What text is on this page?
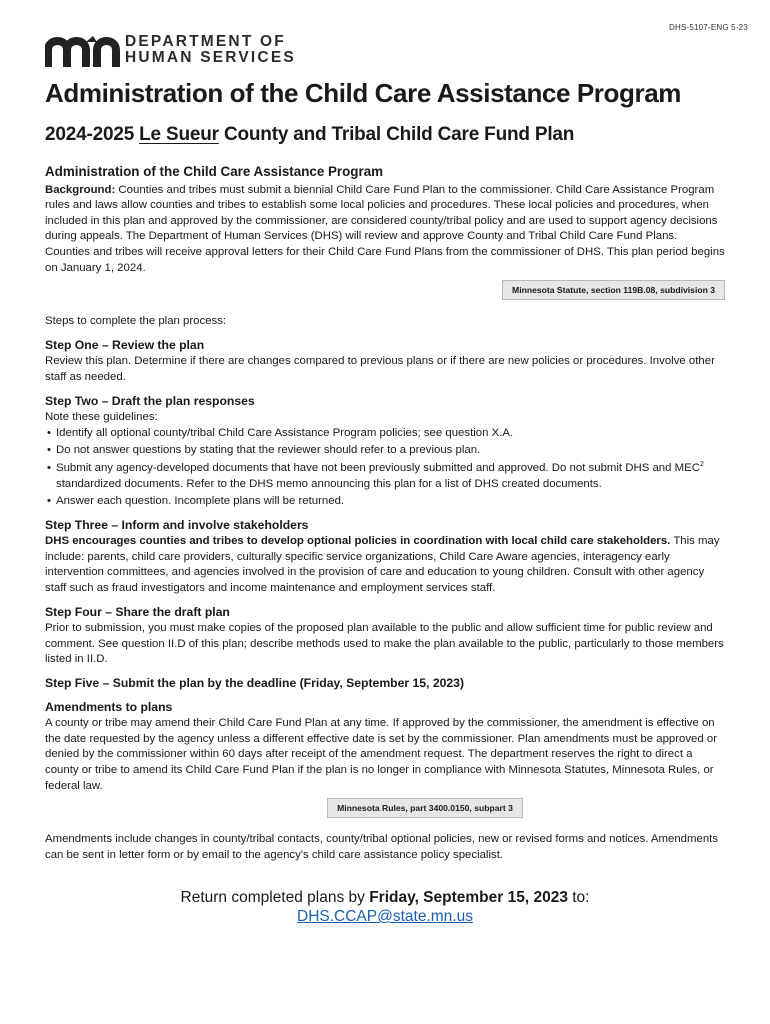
DHS-5107-ENG 5-23
DEPARTMENT OF
HUMAN SERVICES
Administration of the Child Care Assistance Program
2024-2025 Le Sueur County and Tribal Child Care Fund Plan
Administration of the Child Care Assistance Program

Background: Counties and tribes must submit a biennial Child Care Fund Plan to the commissioner. Child Care Assistance Program rules and laws allow counties and tribes to establish some local policies and procedures. These local policies and procedures, when included in this plan and approved by the commissioner, are considered county/tribal policy and are used to support agency decisions during appeals. The Department of Human Services (DHS) will review and approve County and Tribal Child Care Fund Plans. Counties and tribes will receive approval letters for their Child Care Fund Plans from the commissioner of DHS. This plan period begins on January 1, 2024.

Minnesota Statute, section 119B.08, subdivision 3

Steps to complete the plan process:

Step One – Review the plan

Review this plan. Determine if there are changes compared to previous plans or if there are new policies or procedures. Involve other staff as needed.

Step Two – Draft the plan responses

Note these guidelines:

• Identify all optional county/tribal Child Care Assistance Program policies; see question X.A.
• Do not answer questions by stating that the reviewer should refer to a previous plan.
• Submit any agency-developed documents that have not been previously submitted and approved. Do not submit DHS and MEC$^2$ standardized documents. Refer to the DHS memo announcing this plan for a list of DHS created documents.
• Answer each question. Incomplete plans will be returned.
Step Three – Inform and involve stakeholders

DHS encourages counties and tribes to develop optional policies in coordination with local child care stakeholders. This may include: parents, child care providers, culturally specific service organizations, Child Care Aware agencies, interagency early intervention committees, and agencies involved in the provision of care and education to young children. Consult with other agency staff such as fraud investigators and income maintenance and employment services staff.

Step Four – Share the draft plan

Prior to submission, you must make copies of the proposed plan available to the public and allow sufficient time for public review and comment. See question II.D of this plan; describe methods used to make the plan available to the public, particularly to those members listed in II.D.

Step Five – Submit the plan by the deadline (Friday, September 15, 2023)
Amendments to plans

A county or tribe may amend their Child Care Fund Plan at any time. If approved by the commissioner, the amendment is effective on the date requested by the agency unless a different effective date is set by the commissioner. Plan amendments must be approved or denied by the commissioner within 60 days after receipt of the amendment request. The department reserves the right to direct a county or tribe to amend its Child Care Fund Plan if the plan is no longer in compliance with Minnesota Statutes, Minnesota Rules, or federal law.

Minnesota Rules, part 3400.0150, subpart 3

Amendments include changes in county/tribal contacts, county/tribal optional policies, new or revised forms and notices. Amendments can be sent in letter form or by email to the agency's child care assistance policy specialist.

Return completed plans by Friday, September 15, 2023 to:
DHS.CCAP@state.mn.us
